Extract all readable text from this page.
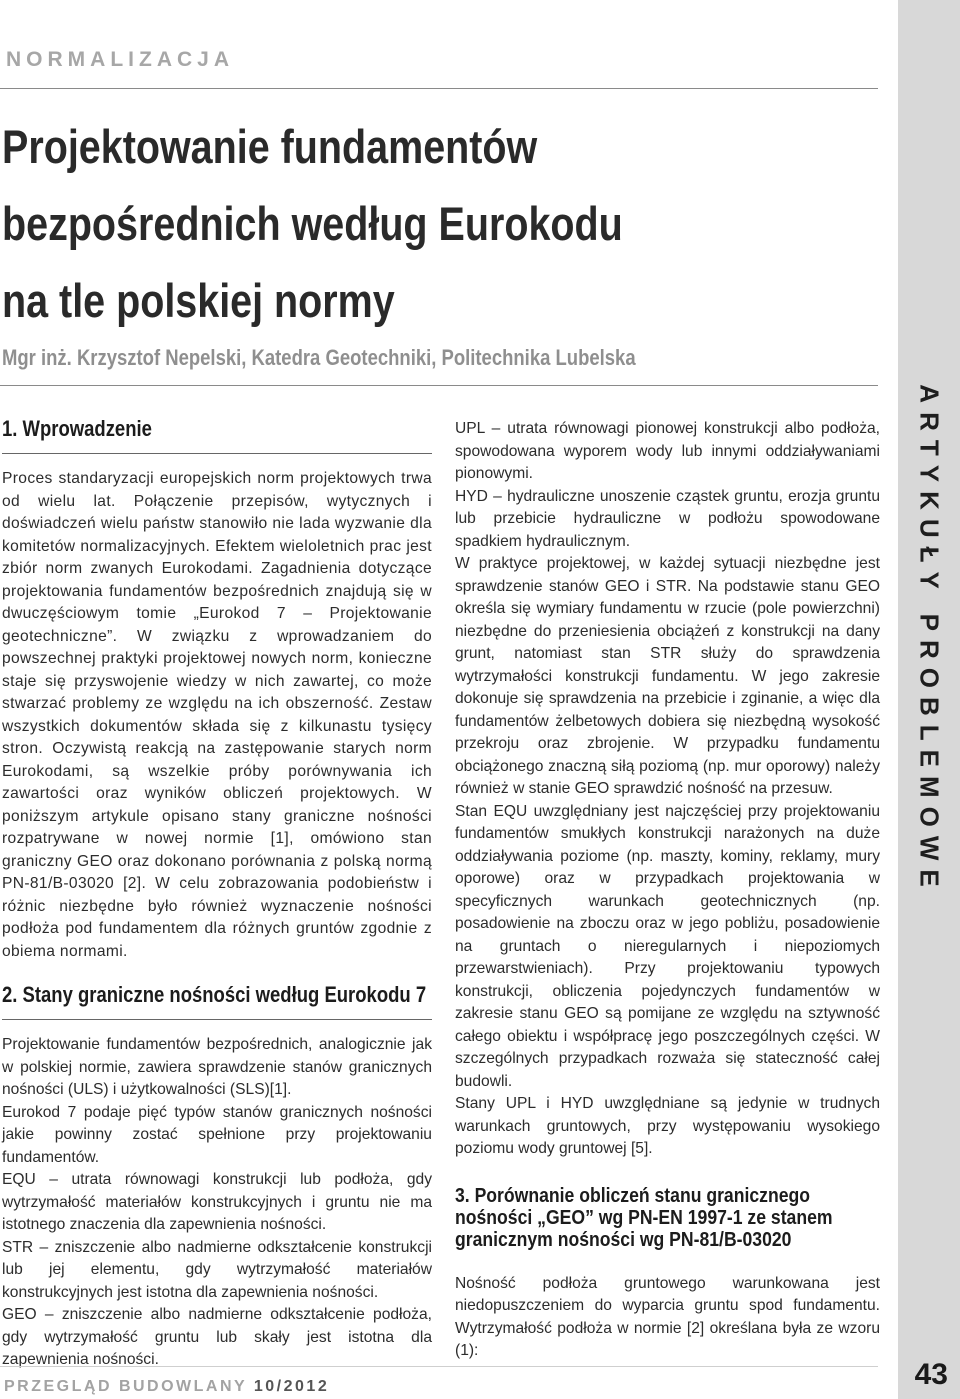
NORMALIZACJA
Projektowanie fundamentów
bezpośrednich według Eurokodu
na tle polskiej normy
Mgr inż. Krzysztof Nepelski, Katedra Geotechniki, Politechnika Lubelska
1. Wprowadzenie

Proces standaryzacji europejskich norm projektowych trwa od wielu lat. Połączenie przepisów, wytycznych i doświadczeń wielu państw stanowiło nie lada wyzwanie dla komitetów normalizacyjnych. Efektem wieloletnich prac jest zbiór norm zwanych Eurokodami. Zagadnienia dotyczące projektowania fundamentów bezpośrednich znajdują się w dwuczęściowym tomie „Eurokod 7 – Projektowanie geotechniczne”. W związku z wprowadzaniem do powszechnej praktyki projektowej nowych norm, konieczne staje się przyswojenie wiedzy w nich zawartej, co może stwarzać problemy ze względu na ich obszerność. Zestaw wszystkich dokumentów składa się z kilkunastu tysięcy stron. Oczywistą reakcją na zastępowanie starych norm Eurokodami, są wszelkie próby porównywania ich zawartości oraz wyników obliczeń projektowych. W poniższym artykule opisano stany graniczne nośności rozpatrywane w nowej normie [1], omówiono stan graniczny GEO oraz dokonano porównania z polską normą PN-81/B-03020 [2]. W celu zobrazowania podobieństw i różnic niezbędne było również wyznaczenie nośności podłoża pod fundamentem dla różnych gruntów zgodnie z obiema normami.

2. Stany graniczne nośności według Eurokodu 7

Projektowanie fundamentów bezpośrednich, analogicznie jak w polskiej normie, zawiera sprawdzenie stanów granicznych nośności (ULS) i użytkowalności (SLS)[1].

Eurokod 7 podaje pięć typów stanów granicznych nośności jakie powinny zostać spełnione przy projektowaniu fundamentów.

EQU – utrata równowagi konstrukcji lub podłoża, gdy wytrzymałość materiałów konstrukcyjnych i gruntu nie ma istotnego znaczenia dla zapewnienia nośności.

STR – zniszczenie albo nadmierne odkształcenie konstrukcji lub jej elementu, gdy wytrzymałość materiałów konstrukcyjnych jest istotna dla zapewnienia nośności.

GEO – zniszczenie albo nadmierne odkształcenie podłoża, gdy wytrzymałość gruntu lub skały jest istotna dla zapewnienia nośności.

UPL – utrata równowagi pionowej konstrukcji albo podłoża, spowodowana wyporem wody lub innymi oddziaływaniami pionowymi.

HYD – hydrauliczne unoszenie cząstek gruntu, erozja gruntu lub przebicie hydrauliczne w podłożu spowodowane spadkiem hydraulicznym.

W praktyce projektowej, w każdej sytuacji niezbędne jest sprawdzenie stanów GEO i STR. Na podstawie stanu GEO określa się wymiary fundamentu w rzucie (pole powierzchni) niezbędne do przeniesienia obciążeń z konstrukcji na dany grunt, natomiast stan STR służy do sprawdzenia wytrzymałości konstrukcji fundamentu. W jego zakresie dokonuje się sprawdzenia na przebicie i zginanie, a więc dla fundamentów żelbetowych dobiera się niezbędną wysokość przekroju oraz zbrojenie. W przypadku fundamentu obciążonego znaczną siłą poziomą (np. mur oporowy) należy również w stanie GEO sprawdzić nośność na przesuw.

Stan EQU uwzględniany jest najczęściej przy projektowaniu fundamentów smukłych konstrukcji narażonych na duże oddziaływania poziome (np. maszty, kominy, reklamy, mury oporowe) oraz w przypadkach projektowania w specyficznych warunkach geotechnicznych (np. posadowienie na zboczu oraz w jego pobliżu, posadowienie na gruntach o nieregularnych i niepoziomych przewarstwieniach). Przy projektowaniu typowych konstrukcji, obliczenia pojedynczych fundamentów w zakresie stanu GEO są pomijane ze względu na sztywność całego obiektu i współpracę jego poszczególnych części. W szczególnych przypadkach rozważa się stateczność całej budowli.

Stany UPL i HYD uwzględniane są jedynie w trudnych warunkach gruntowych, przy występowaniu wysokiego poziomu wody gruntowej [5].

3. Porównanie obliczeń stanu granicznego
nośności „GEO” wg PN-EN 1997-1 ze stanem
granicznym nośności wg PN-81/B-03020

Nośność podłoża gruntowego warunkowana jest niedopuszczeniem do wyparcia gruntu spod fundamentu. Wytrzymałość podłoża w normie [2] określana była ze wzoru (1):

ARTYKUŁY PROBLEMOWE
PRZEGLĄD BUDOWLANY 10/2012	43
